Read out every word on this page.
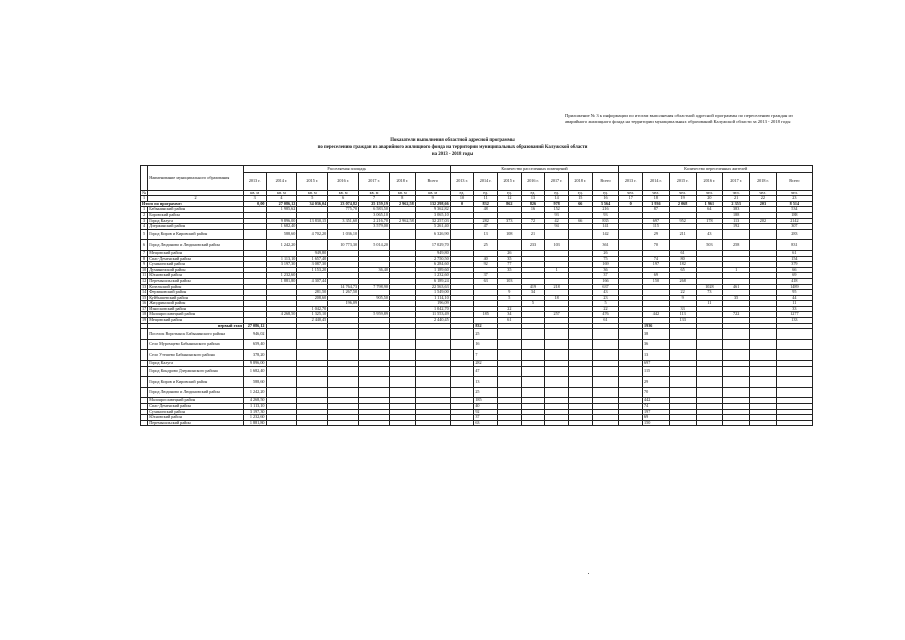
Приложение № 3 к информации по итогам выполнения областной адресной программы по переселению граждан из аварийного жилищного фонда на территории муниципальных образований Калужской области за 2013 - 2018 годы
Показатели выполнения областной адресной программы
по переселению граждан из аварийного жилищного фонда на территории муниципальных образований Калужской области
на 2013 - 2018 годы
	Наименование муниципального образования	Расселяемая площадь							Количество расселенных помещений							Количество переселенных жителей						
		2013 г.	2014 г.	2015 г.	2016 г.	2017 г.	2018 г.	Всего	2013 г.	2014 г.	2015 г.	2016 г.	2017 г.	2018 г.	Всего	2013 г.	2014 г.	2015 г.	2016 г.	2017 г.	2018 г.	Всего
№		кв. м	кв. м	кв. м	кв. м	кв. м	кв. м	кв. м	ед.	ед.	ед.	ед.	ед.	ед.	ед.	чел.	чел.	чел.	чел.	чел.	чел.	чел.
1	2	3	4	5	6	7	8	9	10	11	12	13	14	15	16	17	18	19	20	21	22	23
Итого по программе:		0,00	27 086,12	34 036,04	23 074,82	25 159,19	2 962,58	132 298,66	0	832	862	826	978	66	3 564	0	1 936	2 068	1 961	2 353	203	8 514
1	Бабынинский район		1 985,62		775,70	6 583,50		9 362,82		48		16	152		216		87		64	383		534
2	Боровский район					3 065,10		3 065,10					93		93					188		188
3	Город Калуга		9 896,00	13 830,15	3 351,60	2 216,70	2 962,58	32 257,03		282	373	72	42	66	835		697	952	178	113	202	2142
4	Дзержинский район		1 682,40			3 579,00		5 261,40		47			94		141		115			192		307
5	Город Киров и Кировский район		588,60	4 702,20	1 036,10			6 326,90		13	108	21			142		29	211	43			283
6	Город Людиново и Людиновский район		1 242,20		10 773,30	5 014,20		17 029,70		25		233	103		361		70		503	258		831
7	Мещовский район			949,80				949,80			26				26			61				61
8	Спас-Деменский район		1 113,10	1 657,40				2 750,50		40	35				75		74	80				154
9	Сухиничский район		3 197,30	3 087,30				6 284,60		92	77				169		197	182				379
10	Думиничский район			1 153,20		36,40		1 189,60			35		1		36			65		1		66
11	Юхновский район		1 232,60					1 232,60		37					37		69					69
12	Перемышльский район		1 881,80	4 307,44				6 189,24		63	103				166		150	268				418
13	Козельский район				14 764,73	7 798,90		22 563,63				419	218		637				1028	461		1489
14	Ферзиковский район			281,50	1 267,50			1 549,00			9	34			43			22	73			95
15	Куйбышевский район			208,60		905,50		1 114,10			5		18		23			9		35		44
16	Жиздринский район				196,09			196,09				5			5				11			11
17	Износковский район			1 042,70				1 042,70			22				22			33				33
18	Малоярославецкий район		4 268,50	1 325,10		5 959,89		11 553,49		185	34		257		476		442	113		722		1277
19	Мещовский район			2 440,45				2 440,45			61				61			133				133
	первый этап	27 086,12								832							1936					
	Поселок Воротынск Бабынинского района	946,02								25							38					
	Село Муромцево Бабынинского района	659,40								16							36					
	Село Утешево Бабынинского района	378,20								7							13					
	Город Калуга	9 896,00								282							697					
	Город Кондрово Дзержинского района	1 682,40								47							115					
	Город Киров и Кировский район	588,60								13							29					
	Город Людиново и Людиновский район	1 242,20								25							70					
	Малоярославецкий район	4 268,50								185							442					
	Спас-Деменский район	1 113,10								40							74					
	Сухиничский район	3 197,30								92							197					
	Юхновский район	1 232,60								37							69					
	Перемышльский район	1 881,80								63							150					
